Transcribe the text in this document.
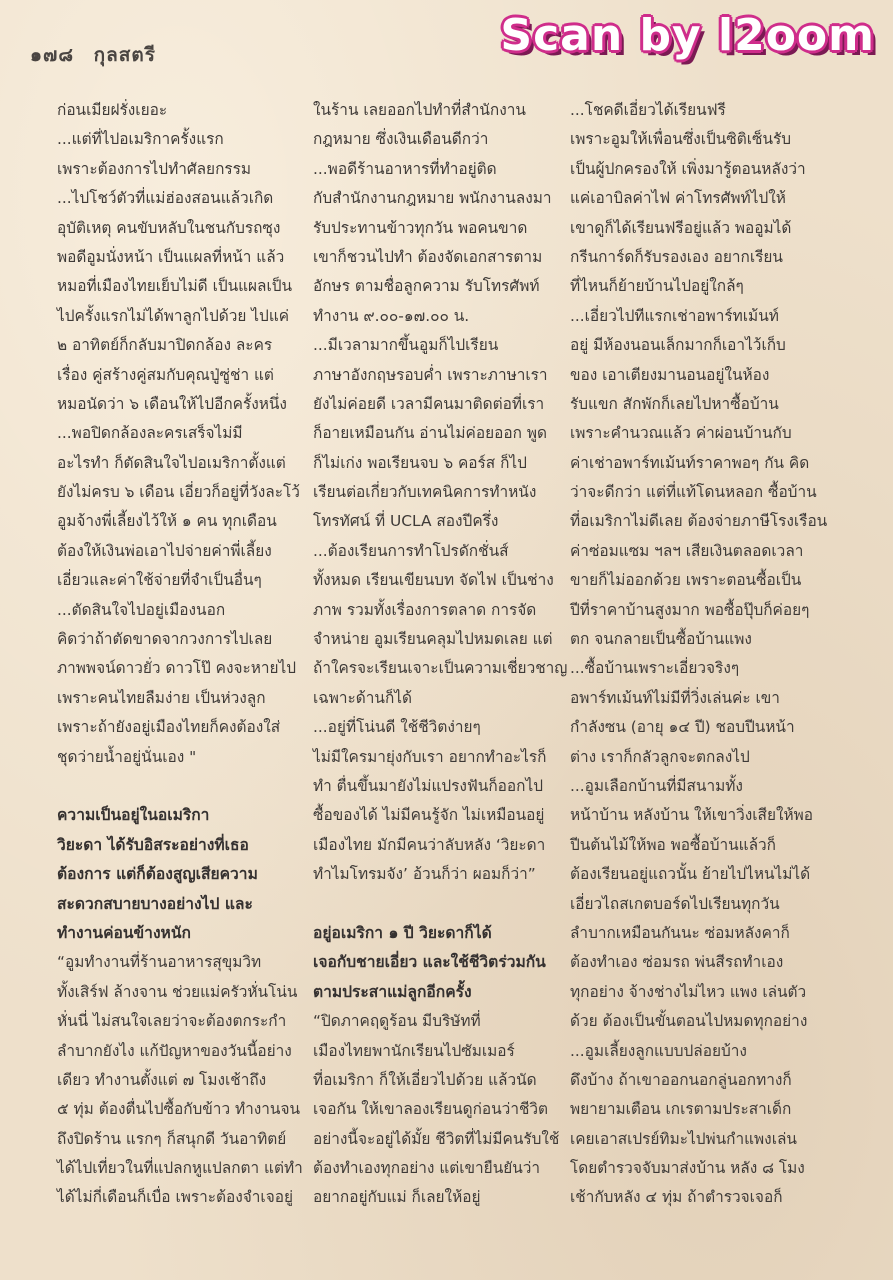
๑๗๘ กุลสตรี	Scan by l2oom
ก่อนเมียฝรั่งเยอะ
...แต่ที่ไปอเมริกาครั้งแรก
เพราะต้องการไปทำศัลยกรรม
...ไปโชว์ตัวที่แม่ฮ่องสอนแล้วเกิด
อุบัติเหตุ คนขับหลับในชนกับรถซุง
พอดีอูมนั่งหน้า เป็นแผลที่หน้า แล้ว
หมอที่เมืองไทยเย็บไม่ดี เป็นแผลเป็น
ไปครั้งแรกไม่ได้พาลูกไปด้วย ไปแค่
๒ อาทิตย์ก็กลับมาปิดกล้อง ละคร
เรื่อง คู่สร้างคู่สมกับคุณปู่ซู่ช่า แต่
หมอนัดว่า ๖ เดือนให้ไปอีกครั้งหนึ่ง
...พอปิดกล้องละครเสร็จไม่มี
อะไรทำ ก็ตัดสินใจไปอเมริกาตั้งแต่
ยังไม่ครบ ๖ เดือน เอี่ยวก็อยู่ที่วังละโว้
อูมจ้างพี่เลี้ยงไว้ให้ ๑ คน ทุกเดือน
ต้องให้เงินพ่อเอาไปจ่ายค่าพี่เลี้ยง
เอี่ยวและค่าใช้จ่ายที่จำเป็นอื่นๆ
...ตัดสินใจไปอยู่เมืองนอก
คิดว่าถ้าตัดขาดจากวงการไปเลย
ภาพพจน์ดาวยั่ว ดาวโป๊ คงจะหายไป
เพราะคนไทยลืมง่าย เป็นห่วงลูก
เพราะถ้ายังอยู่เมืองไทยก็คงต้องใส่
ชุดว่ายน้ำอยู่นั่นเอง "
ความเป็นอยู่ในอเมริกา
วิยะดา ได้รับอิสระอย่างที่เธอ
ต้องการ แต่ก็ต้องสูญเสียความ
สะดวกสบายบางอย่างไป และ
ทำงานค่อนข้างหนัก
“อูมทำงานที่ร้านอาหารสุขุมวิท
ทั้งเสิร์ฟ ล้างจาน ช่วยแม่ครัวหั่นโน่น
หั่นนี่ ไม่สนใจเลยว่าจะต้องตกระกำ
ลำบากยังไง แก้ปัญหาของวันนี้อย่าง
เดียว ทำงานตั้งแต่ ๗ โมงเช้าถึง
๕ ทุ่ม ต้องตื่นไปซื้อกับข้าว ทำงานจน
ถึงปิดร้าน แรกๆ ก็สนุกดี วันอาทิตย์
ได้ไปเที่ยวในที่แปลกหูแปลกตา แต่ทำ
ได้ไม่กี่เดือนก็เบื่อ เพราะต้องจำเจอยู่
ในร้าน เลยออกไปทำที่สำนักงาน
กฎหมาย ซึ่งเงินเดือนดีกว่า
...พอดีร้านอาหารที่ทำอยู่ติด
กับสำนักงานกฎหมาย พนักงานลงมา
รับประทานข้าวทุกวัน พอคนขาด
เขาก็ชวนไปทำ ต้องจัดเอกสารตาม
อักษร ตามชื่อลูกความ รับโทรศัพท์
ทำงาน ๙.๐๐-๑๗.๐๐ น.
...มีเวลามากขึ้นอูมก็ไปเรียน
ภาษาอังกฤษรอบค่ำ เพราะภาษาเรา
ยังไม่ค่อยดี เวลามีคนมาติดต่อที่เรา
ก็อายเหมือนกัน อ่านไม่ค่อยออก พูด
ก็ไม่เก่ง พอเรียนจบ ๖ คอร์ส ก็ไป
เรียนต่อเกี่ยวกับเทคนิคการทำหนัง
โทรทัศน์ ที่ UCLA สองปีครึ่ง
...ต้องเรียนการทำโปรดักชั่นส์
ทั้งหมด เรียนเขียนบท จัดไฟ เป็นช่าง
ภาพ รวมทั้งเรื่องการตลาด การจัด
จำหน่าย อูมเรียนคลุมไปหมดเลย แต่
ถ้าใครจะเรียนเจาะเป็นความเชี่ยวชาญ
เฉพาะด้านก็ได้
...อยู่ที่โน่นดี ใช้ชีวิตง่ายๆ
ไม่มีใครมายุ่งกับเรา อยากทำอะไรก็
ทำ ตื่นขึ้นมายังไม่แปรงฟันก็ออกไป
ซื้อของได้ ไม่มีคนรู้จัก ไม่เหมือนอยู่
เมืองไทย มักมีคนว่าลับหลัง ‘วิยะดา
ทำไมโทรมจัง’ อ้วนก็ว่า ผอมก็ว่า”
อยู่อเมริกา ๑ ปี วิยะดาก็ได้
เจอกับชายเอี่ยว และใช้ชีวิตร่วมกัน
ตามประสาแม่ลูกอีกครั้ง
“ปิดภาคฤดูร้อน มีบริษัทที่
เมืองไทยพานักเรียนไปซัมเมอร์
ที่อเมริกา ก็ให้เอี่ยวไปด้วย แล้วนัด
เจอกัน ให้เขาลองเรียนดูก่อนว่าชีวิต
อย่างนี้จะอยู่ได้มั้ย ชีวิตที่ไม่มีคนรับใช้
ต้องทำเองทุกอย่าง แต่เขายืนยันว่า
อยากอยู่กับแม่ ก็เลยให้อยู่
...โชคดีเอี่ยวได้เรียนฟรี
เพราะอูมให้เพื่อนซึ่งเป็นซิติเซ็นรับ
เป็นผู้ปกครองให้ เพิ่งมารู้ตอนหลังว่า
แค่เอาบิลค่าไฟ ค่าโทรศัพท์ไปให้
เขาดูก็ได้เรียนฟรีอยู่แล้ว พออูมได้
กรีนการ์ดก็รับรองเอง อยากเรียน
ที่ไหนก็ย้ายบ้านไปอยู่ใกล้ๆ
...เอี่ยวไปทีแรกเช่าอพาร์ทเม้นท์
อยู่ มีห้องนอนเล็กมากก็เอาไว้เก็บ
ของ เอาเตียงมานอนอยู่ในห้อง
รับแขก สักพักก็เลยไปหาซื้อบ้าน
เพราะคำนวณแล้ว ค่าผ่อนบ้านกับ
ค่าเช่าอพาร์ทเม้นท์ราคาพอๆ กัน คิด
ว่าจะดีกว่า แต่ที่แท้โดนหลอก ซื้อบ้าน
ที่อเมริกาไม่ดีเลย ต้องจ่ายภาษีโรงเรือน
ค่าซ่อมแซม ฯลฯ เสียเงินตลอดเวลา
ขายก็ไม่ออกด้วย เพราะตอนซื้อเป็น
ปีที่ราคาบ้านสูงมาก พอซื้อปุ๊บก็ค่อยๆ
ตก จนกลายเป็นซื้อบ้านแพง
...ซื้อบ้านเพราะเอี่ยวจริงๆ
อพาร์ทเม้นท์ไม่มีที่วิ่งเล่นค่ะ เขา
กำลังซน (อายุ ๑๔ ปี) ชอบปีนหน้า
ต่าง เราก็กลัวลูกจะตกลงไป
...อูมเลือกบ้านที่มีสนามทั้ง
หน้าบ้าน หลังบ้าน ให้เขาวิ่งเสียให้พอ
ปีนต้นไม้ให้พอ พอซื้อบ้านแล้วก็
ต้องเรียนอยู่แถวนั้น ย้ายไปไหนไม่ได้
เอี่ยวไถสเกตบอร์ดไปเรียนทุกวัน
ลำบากเหมือนกันนะ ซ่อมหลังคาก็
ต้องทำเอง ซ่อมรถ พ่นสีรถทำเอง
ทุกอย่าง จ้างช่างไม่ไหว แพง เล่นตัว
ด้วย ต้องเป็นขั้นตอนไปหมดทุกอย่าง
...อูมเลี้ยงลูกแบบปล่อยบ้าง
ดึงบ้าง ถ้าเขาออกนอกลู่นอกทางก็
พยายามเตือน เกเรตามประสาเด็ก
เคยเอาสเปรย์ทิมะไปพ่นกำแพงเล่น
โดยตำรวจจับมาส่งบ้าน หลัง ๘ โมง
เช้ากับหลัง ๔ ทุ่ม ถ้าตำรวจเจอก็
